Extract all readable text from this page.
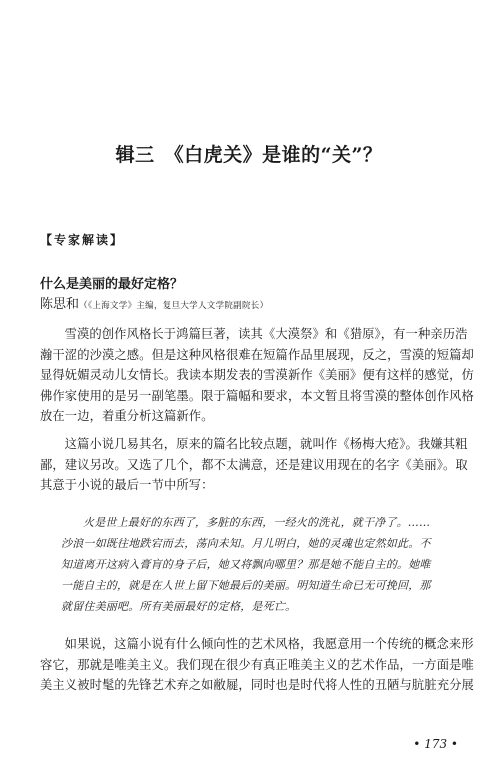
辑三　《白虎关》是谁的“关”？
【专家解读】
什么是美丽的最好定格？
陈思和（《上海文学》主编，复旦大学人文学院副院长）

雪漠的创作风格长于鸿篇巨著，读其《大漠祭》和《猎原》，有一种亲历浩
瀚干涩的沙漠之感。但是这种风格很难在短篇作品里展现，反之，雪漠的短篇却
显得妩媚灵动儿女情长。我读本期发表的雪漠新作《美丽》便有这样的感觉，仿
佛作家使用的是另一副笔墨。限于篇幅和要求，本文暂且将雪漠的整体创作风格
放在一边，着重分析这篇新作。

这篇小说几易其名，原来的篇名比较点题，就叫作《杨梅大疮》。我嫌其粗
鄙，建议另改。又选了几个，都不太满意，还是建议用现在的名字《美丽》。取
其意于小说的最后一节中所写：

火是世上最好的东西了，多脏的东西，一经火的洗礼，就干净了。……
沙浪一如既往地跌宕而去，荡向未知。月儿明白，她的灵魂也定然如此。不
知道离开这病入膏肓的身子后，她又将飘向哪里？那是她不能自主的。她唯
一能自主的，就是在人世上留下她最后的美丽。明知道生命已无可挽回，那
就留住美丽吧。所有美丽最好的定格，是死亡。

如果说，这篇小说有什么倾向性的艺术风格，我愿意用一个传统的概念来形
容它，那就是唯美主义。我们现在很少有真正唯美主义的艺术作品，一方面是唯
美主义被时髦的先锋艺术弃之如敝屣，同时也是时代将人性的丑陋与肮脏充分展

• 173 •
